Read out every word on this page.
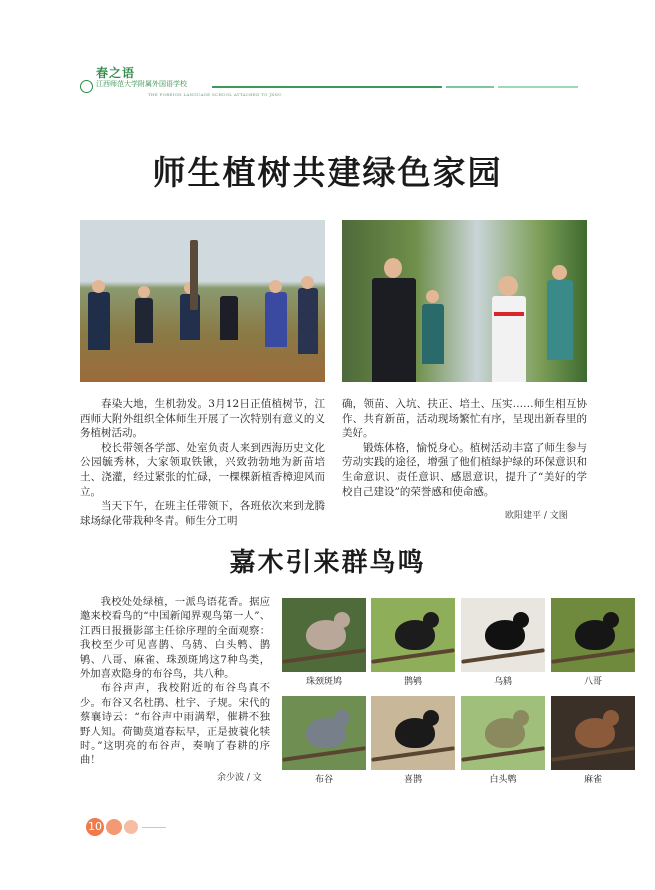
春之语
江西师范大学附属外国语学校
THE FOREIGN LANGUAGE SCHOOL ATTACHED TO JXNU
师生植树共建绿色家园

春染大地，生机勃发。3月12日正值植树节，江西师大附外组织全体师生开展了一次特别有意义的义务植树活动。

校长带领各学部、处室负责人来到西海历史文化公园毓秀林，大家领取铁锹，兴致勃勃地为新苗培土、浇灌，经过紧张的忙碌，一棵棵新植香樟迎风而立。

当天下午，在班主任带领下，各班依次来到龙腾球场绿化带栽种冬青。师生分工明

确，领苗、入坑、扶正、培土、压实……师生相互协作、共育新苗，活动现场繁忙有序，呈现出新春里的美好。

锻炼体格，愉悦身心。植树活动丰富了师生参与劳动实践的途径，增强了他们植绿护绿的环保意识和生命意识、责任意识、感恩意识，提升了“美好的学校自己建设”的荣誉感和使命感。

欧阳建平 / 文图
嘉木引来群鸟鸣

我校处处绿植，一派鸟语花香。据应邀来校看鸟的“中国新闻界观鸟第一人”、江西日报摄影部主任徐序理的全面观察：我校至少可见喜鹊、乌鸫、白头鹎、鹊鸲、八哥、麻雀、珠颈斑鸠这7种鸟类，外加喜欢隐身的布谷鸟，共八种。

布谷声声，我校附近的布谷鸟真不少。布谷又名杜鹃、杜宇、子规。宋代的蔡襄诗云：“布谷声中雨满犁，催耕不独野人知。荷锄莫道春耘早，正是披蓑化犊时。”这明亮的布谷声，奏响了春耕的序曲！

余少波 / 文
珠颈斑鸠	鹊鸲	乌鸫	八哥
布谷	喜鹊	白头鹎	麻雀
10
